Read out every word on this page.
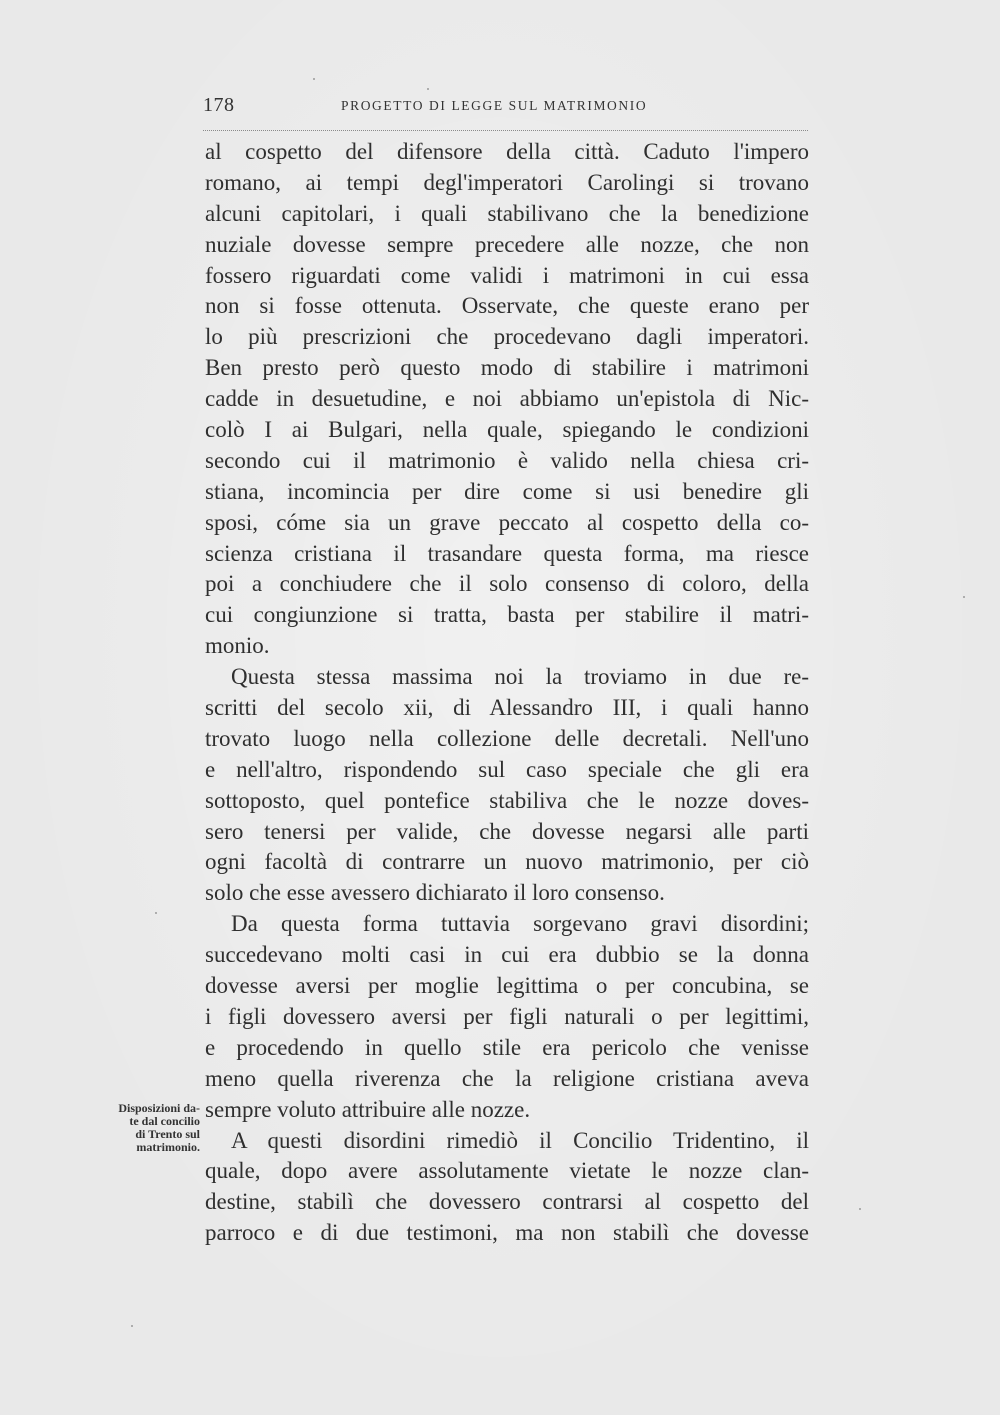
178	PROGETTO DI LEGGE SUL MATRIMONIO
al cospetto del difensore della città. Caduto l'impero
romano, ai tempi degl'imperatori Carolingi si trovano
alcuni capitolari, i quali stabilivano che la benedizione
nuziale dovesse sempre precedere alle nozze, che non
fossero riguardati come validi i matrimoni in cui essa
non si fosse ottenuta. Osservate, che queste erano per
lo più prescrizioni che procedevano dagli imperatori.
Ben presto però questo modo di stabilire i matrimoni
cadde in desuetudine, e noi abbiamo un'epistola di Nic-
colò I ai Bulgari, nella quale, spiegando le condizioni
secondo cui il matrimonio è valido nella chiesa cri-
stiana, incomincia per dire come si usi benedire gli
sposi, cóme sia un grave peccato al cospetto della co-
scienza cristiana il trasandare questa forma, ma riesce
poi a conchiudere che il solo consenso di coloro, della
cui congiunzione si tratta, basta per stabilire il matri-
monio.
Questa stessa massima noi la troviamo in due re-
scritti del secolo xii, di Alessandro III, i quali hanno
trovato luogo nella collezione delle decretali. Nell'uno
e nell'altro, rispondendo sul caso speciale che gli era
sottoposto, quel pontefice stabiliva che le nozze doves-
sero tenersi per valide, che dovesse negarsi alle parti
ogni facoltà di contrarre un nuovo matrimonio, per ciò
solo che esse avessero dichiarato il loro consenso.
Da questa forma tuttavia sorgevano gravi disordini;
succedevano molti casi in cui era dubbio se la donna
dovesse aversi per moglie legittima o per concubina, se
i figli dovessero aversi per figli naturali o per legittimi,
e procedendo in quello stile era pericolo che venisse
meno quella riverenza che la religione cristiana aveva
sempre voluto attribuire alle nozze.
A questi disordini rimediò il Concilio Tridentino, il
quale, dopo avere assolutamente vietate le nozze clan-
destine, stabilì che dovessero contrarsi al cospetto del
parroco e di due testimoni, ma non stabilì che dovesse
Disposizioni da-
te dal concilio
di Trento sul
matrimonio.
